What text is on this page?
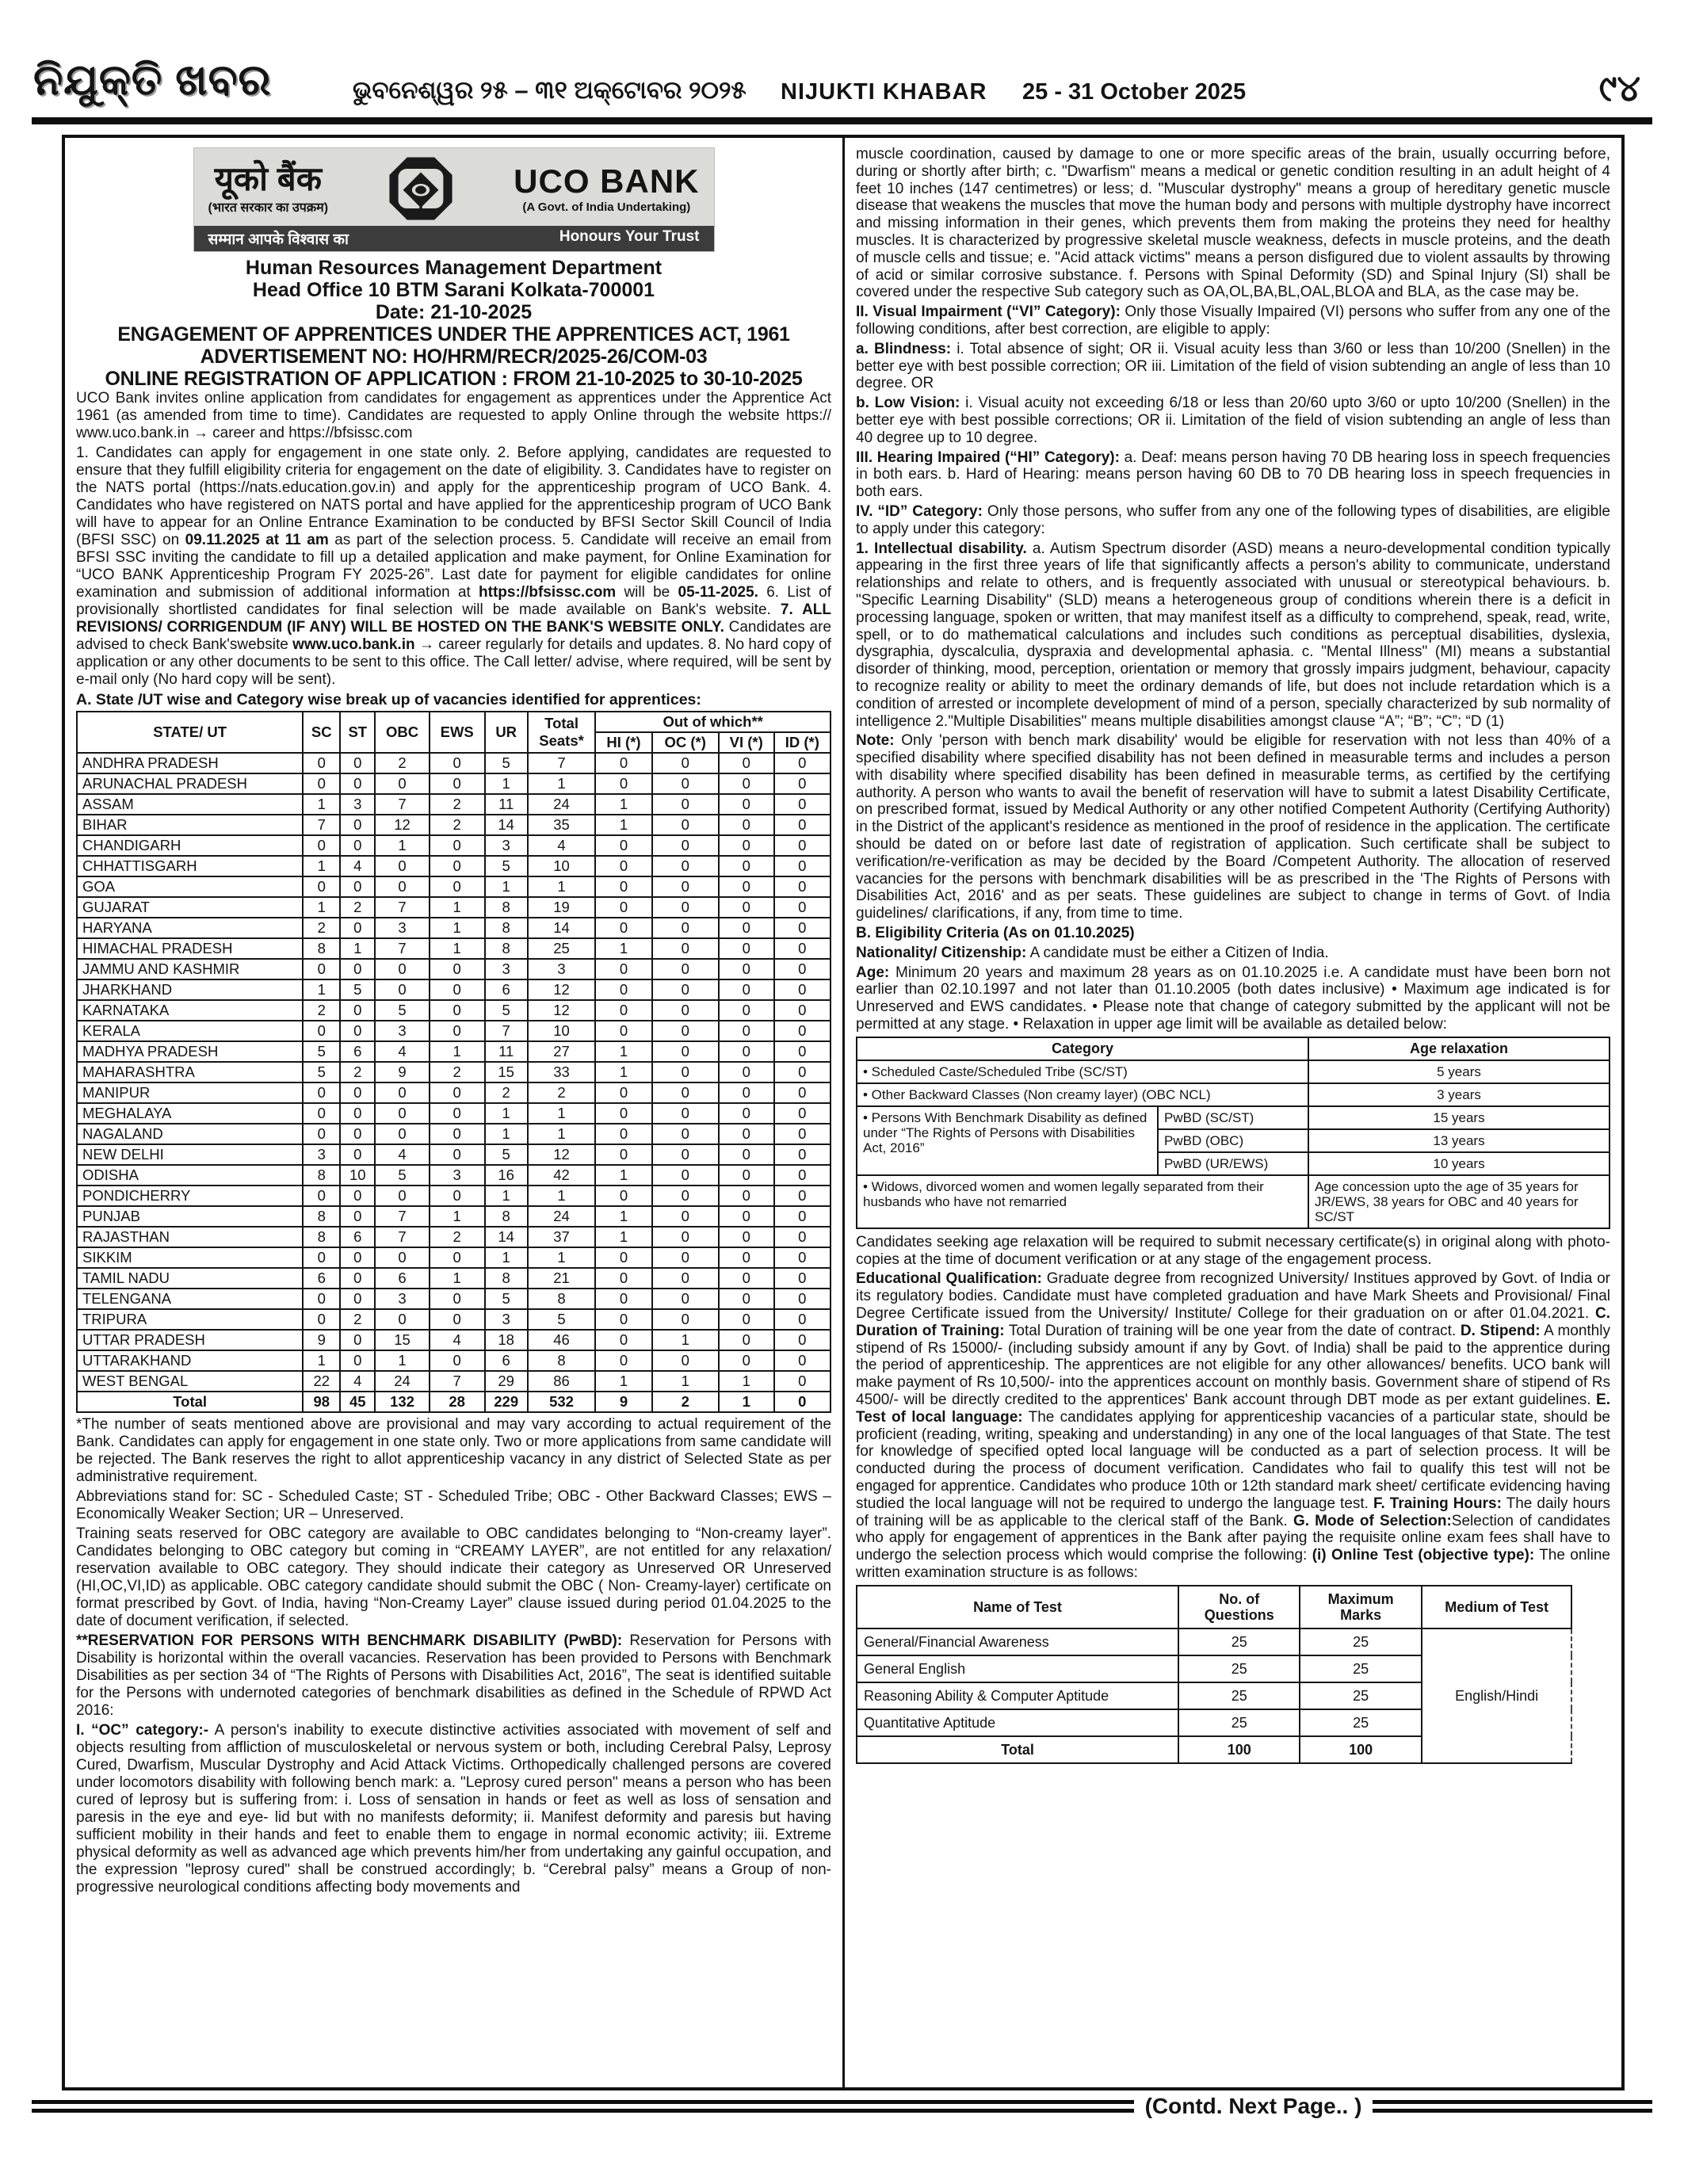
ନିଯୁକ୍ତି ଖବର	ଭୁବନେଶ୍ୱର ୨୫ – ୩୧ ଅକ୍ଟୋବର ୨୦୨୫ NIJUKTI KHABAR 25 - 31 October 2025	୯୪
यूको बैंक
(भारत सरकार का उपक्रम)
UCO BANK
(A Govt. of India Undertaking)
सम्मान आपके विश्वास का	Honours Your Trust
Human Resources Management Department
Head Office 10 BTM Sarani Kolkata-700001
Date: 21-10-2025
ENGAGEMENT OF APPRENTICES UNDER THE APPRENTICES ACT, 1961
ADVERTISEMENT NO: HO/HRM/RECR/2025-26/COM-03
ONLINE REGISTRATION OF APPLICATION : FROM 21-10-2025 to 30-10-2025

UCO Bank invites online application from candidates for engagement as apprentices under the Apprentice Act 1961 (as amended from time to time). Candidates are requested to apply Online through the website https:// www.uco.bank.in → career and https://bfsissc.com

1. Candidates can apply for engagement in one state only. 2. Before applying, candidates are requested to ensure that they fulfill eligibility criteria for engagement on the date of eligibility. 3. Candidates have to register on the NATS portal (https://nats.education.gov.in) and apply for the apprenticeship program of UCO Bank. 4. Candidates who have registered on NATS portal and have applied for the apprenticeship program of UCO Bank will have to appear for an Online Entrance Examination to be conducted by BFSI Sector Skill Council of India (BFSI SSC) on 09.11.2025 at 11 am as part of the selection process. 5. Candidate will receive an email from BFSI SSC inviting the candidate to fill up a detailed application and make payment, for Online Examination for “UCO BANK Apprenticeship Program FY 2025-26”. Last date for payment for eligible candidates for online examination and submission of additional information at https://bfsissc.com will be 05-11-2025. 6. List of provisionally shortlisted candidates for final selection will be made available on Bank's website. 7. ALL REVISIONS/ CORRIGENDUM (IF ANY) WILL BE HOSTED ON THE BANK'S WEBSITE ONLY. Candidates are advised to check Bank'swebsite www.uco.bank.in → career regularly for details and updates. 8. No hard copy of application or any other documents to be sent to this office. The Call letter/ advise, where required, will be sent by e-mail only (No hard copy will be sent).

A. State /UT wise and Category wise break up of vacancies identified for apprentices:
STATE/ UT	SC	ST	OBC	EWS	UR	Total Seats*	Out of which**			
							HI (*)	OC (*)	VI (*)	ID (*)
ANDHRA PRADESH	0	0	2	0	5	7	0	0	0	0
ARUNACHAL PRADESH	0	0	0	0	1	1	0	0	0	0
ASSAM	1	3	7	2	11	24	1	0	0	0
BIHAR	7	0	12	2	14	35	1	0	0	0
CHANDIGARH	0	0	1	0	3	4	0	0	0	0
CHHATTISGARH	1	4	0	0	5	10	0	0	0	0
GOA	0	0	0	0	1	1	0	0	0	0
GUJARAT	1	2	7	1	8	19	0	0	0	0
HARYANA	2	0	3	1	8	14	0	0	0	0
HIMACHAL PRADESH	8	1	7	1	8	25	1	0	0	0
JAMMU AND KASHMIR	0	0	0	0	3	3	0	0	0	0
JHARKHAND	1	5	0	0	6	12	0	0	0	0
KARNATAKA	2	0	5	0	5	12	0	0	0	0
KERALA	0	0	3	0	7	10	0	0	0	0
MADHYA PRADESH	5	6	4	1	11	27	1	0	0	0
MAHARASHTRA	5	2	9	2	15	33	1	0	0	0
MANIPUR	0	0	0	0	2	2	0	0	0	0
MEGHALAYA	0	0	0	0	1	1	0	0	0	0
NAGALAND	0	0	0	0	1	1	0	0	0	0
NEW DELHI	3	0	4	0	5	12	0	0	0	0
ODISHA	8	10	5	3	16	42	1	0	0	0
PONDICHERRY	0	0	0	0	1	1	0	0	0	0
PUNJAB	8	0	7	1	8	24	1	0	0	0
RAJASTHAN	8	6	7	2	14	37	1	0	0	0
SIKKIM	0	0	0	0	1	1	0	0	0	0
TAMIL NADU	6	0	6	1	8	21	0	0	0	0
TELENGANA	0	0	3	0	5	8	0	0	0	0
TRIPURA	0	2	0	0	3	5	0	0	0	0
UTTAR PRADESH	9	0	15	4	18	46	0	1	0	0
UTTARAKHAND	1	0	1	0	6	8	0	0	0	0
WEST BENGAL	22	4	24	7	29	86	1	1	1	0
Total	98	45	132	28	229	532	9	2	1	0

*The number of seats mentioned above are provisional and may vary according to actual requirement of the Bank. Candidates can apply for engagement in one state only. Two or more applications from same candidate will be rejected. The Bank reserves the right to allot apprenticeship vacancy in any district of Selected State as per administrative requirement.

Abbreviations stand for: SC - Scheduled Caste; ST - Scheduled Tribe; OBC - Other Backward Classes; EWS – Economically Weaker Section; UR – Unreserved.

Training seats reserved for OBC category are available to OBC candidates belonging to “Non-creamy layer”. Candidates belonging to OBC category but coming in “CREAMY LAYER”, are not entitled for any relaxation/ reservation available to OBC category. They should indicate their category as Unreserved OR Unreserved (HI,OC,VI,ID) as applicable. OBC category candidate should submit the OBC ( Non- Creamy-layer) certificate on format prescribed by Govt. of India, having “Non-Creamy Layer” clause issued during period 01.04.2025 to the date of document verification, if selected.

**RESERVATION FOR PERSONS WITH BENCHMARK DISABILITY (PwBD): Reservation for Persons with Disability is horizontal within the overall vacancies. Reservation has been provided to Persons with Benchmark Disabilities as per section 34 of “The Rights of Persons with Disabilities Act, 2016”, The seat is identified suitable for the Persons with undernoted categories of benchmark disabilities as defined in the Schedule of RPWD Act 2016:

I. “OC” category:- A person's inability to execute distinctive activities associated with movement of self and objects resulting from affliction of musculoskeletal or nervous system or both, including Cerebral Palsy, Leprosy Cured, Dwarfism, Muscular Dystrophy and Acid Attack Victims. Orthopedically challenged persons are covered under locomotors disability with following bench mark: a. "Leprosy cured person" means a person who has been cured of leprosy but is suffering from: i. Loss of sensation in hands or feet as well as loss of sensation and paresis in the eye and eye- lid but with no manifests deformity; ii. Manifest deformity and paresis but having sufficient mobility in their hands and feet to enable them to engage in normal economic activity; iii. Extreme physical deformity as well as advanced age which prevents him/her from undertaking any gainful occupation, and the expression "leprosy cured" shall be construed accordingly; b. “Cerebral palsy” means a Group of non-progressive neurological conditions affecting body movements and

muscle coordination, caused by damage to one or more specific areas of the brain, usually occurring before, during or shortly after birth; c. "Dwarfism" means a medical or genetic condition resulting in an adult height of 4 feet 10 inches (147 centimetres) or less; d. "Muscular dystrophy" means a group of hereditary genetic muscle disease that weakens the muscles that move the human body and persons with multiple dystrophy have incorrect and missing information in their genes, which prevents them from making the proteins they need for healthy muscles. It is characterized by progressive skeletal muscle weakness, defects in muscle proteins, and the death of muscle cells and tissue; e. "Acid attack victims" means a person disfigured due to violent assaults by throwing of acid or similar corrosive substance. f. Persons with Spinal Deformity (SD) and Spinal Injury (SI) shall be covered under the respective Sub category such as OA,OL,BA,BL,OAL,BLOA and BLA, as the case may be.

II. Visual Impairment (“VI” Category): Only those Visually Impaired (VI) persons who suffer from any one of the following conditions, after best correction, are eligible to apply:

a. Blindness: i. Total absence of sight; OR ii. Visual acuity less than 3/60 or less than 10/200 (Snellen) in the better eye with best possible correction; OR iii. Limitation of the field of vision subtending an angle of less than 10 degree. OR

b. Low Vision: i. Visual acuity not exceeding 6/18 or less than 20/60 upto 3/60 or upto 10/200 (Snellen) in the better eye with best possible corrections; OR ii. Limitation of the field of vision subtending an angle of less than 40 degree up to 10 degree.

III. Hearing Impaired (“HI” Category): a. Deaf: means person having 70 DB hearing loss in speech frequencies in both ears. b. Hard of Hearing: means person having 60 DB to 70 DB hearing loss in speech frequencies in both ears.

IV. “ID” Category: Only those persons, who suffer from any one of the following types of disabilities, are eligible to apply under this category:

1. Intellectual disability. a. Autism Spectrum disorder (ASD) means a neuro-developmental condition typically appearing in the first three years of life that significantly affects a person's ability to communicate, understand relationships and relate to others, and is frequently associated with unusual or stereotypical behaviours. b. "Specific Learning Disability" (SLD) means a heterogeneous group of conditions wherein there is a deficit in processing language, spoken or written, that may manifest itself as a difficulty to comprehend, speak, read, write, spell, or to do mathematical calculations and includes such conditions as perceptual disabilities, dyslexia, dysgraphia, dyscalculia, dyspraxia and developmental aphasia. c. "Mental Illness" (MI) means a substantial disorder of thinking, mood, perception, orientation or memory that grossly impairs judgment, behaviour, capacity to recognize reality or ability to meet the ordinary demands of life, but does not include retardation which is a condition of arrested or incomplete development of mind of a person, specially characterized by sub normality of intelligence 2."Multiple Disabilities" means multiple disabilities amongst clause “A”; “B”; “C”; “D (1)

Note: Only 'person with bench mark disability' would be eligible for reservation with not less than 40% of a specified disability where specified disability has not been defined in measurable terms and includes a person with disability where specified disability has been defined in measurable terms, as certified by the certifying authority. A person who wants to avail the benefit of reservation will have to submit a latest Disability Certificate, on prescribed format, issued by Medical Authority or any other notified Competent Authority (Certifying Authority) in the District of the applicant's residence as mentioned in the proof of residence in the application. The certificate should be dated on or before last date of registration of application. Such certificate shall be subject to verification/re-verification as may be decided by the Board /Competent Authority. The allocation of reserved vacancies for the persons with benchmark disabilities will be as prescribed in the 'The Rights of Persons with Disabilities Act, 2016' and as per seats. These guidelines are subject to change in terms of Govt. of India guidelines/ clarifications, if any, from time to time.

B. Eligibility Criteria (As on 01.10.2025)

Nationality/ Citizenship: A candidate must be either a Citizen of India.

Age: Minimum 20 years and maximum 28 years as on 01.10.2025 i.e. A candidate must have been born not earlier than 02.10.1997 and not later than 01.10.2005 (both dates inclusive) • Maximum age indicated is for Unreserved and EWS candidates. • Please note that change of category submitted by the applicant will not be permitted at any stage. • Relaxation in upper age limit will be available as detailed below:

Category		Age relaxation
• Scheduled Caste/Scheduled Tribe (SC/ST)		5 years
• Other Backward Classes (Non creamy layer) (OBC NCL)		3 years
• Persons With Benchmark Disability as defined under “The Rights of Persons with Disabilities Act, 2016”	PwBD (SC/ST)	15 years
	PwBD (OBC)	13 years
	PwBD (UR/EWS)	10 years
• Widows, divorced women and women legally separated from their husbands who have not remarried		Age concession upto the age of 35 years for JR/EWS, 38 years for OBC and 40 years for SC/ST

Candidates seeking age relaxation will be required to submit necessary certificate(s) in original along with photo- copies at the time of document verification or at any stage of the engagement process.

Educational Qualification: Graduate degree from recognized University/ Institues approved by Govt. of India or its regulatory bodies. Candidate must have completed graduation and have Mark Sheets and Provisional/ Final Degree Certificate issued from the University/ Institute/ College for their graduation on or after 01.04.2021. C. Duration of Training: Total Duration of training will be one year from the date of contract. D. Stipend: A monthly stipend of Rs 15000/- (including subsidy amount if any by Govt. of India) shall be paid to the apprentice during the period of apprenticeship. The apprentices are not eligible for any other allowances/ benefits. UCO bank will make payment of Rs 10,500/- into the apprentices account on monthly basis. Government share of stipend of Rs 4500/- will be directly credited to the apprentices' Bank account through DBT mode as per extant guidelines. E. Test of local language: The candidates applying for apprenticeship vacancies of a particular state, should be proficient (reading, writing, speaking and understanding) in any one of the local languages of that State. The test for knowledge of specified opted local language will be conducted as a part of selection process. It will be conducted during the process of document verification. Candidates who fail to qualify this test will not be engaged for apprentice. Candidates who produce 10th or 12th standard mark sheet/ certificate evidencing having studied the local language will not be required to undergo the language test. F. Training Hours: The daily hours of training will be as applicable to the clerical staff of the Bank. G. Mode of Selection:Selection of candidates who apply for engagement of apprentices in the Bank after paying the requisite online exam fees shall have to undergo the selection process which would comprise the following: (i) Online Test (objective type): The online written examination structure is as follows:

Name of Test	No. of Questions	Maximum Marks	Medium of Test
General/Financial Awareness	25	25	English/Hindi
General English	25	25	
Reasoning Ability & Computer Aptitude	25	25	
Quantitative Aptitude	25	25	
Total	100	100	
(Contd. Next Page.. )
